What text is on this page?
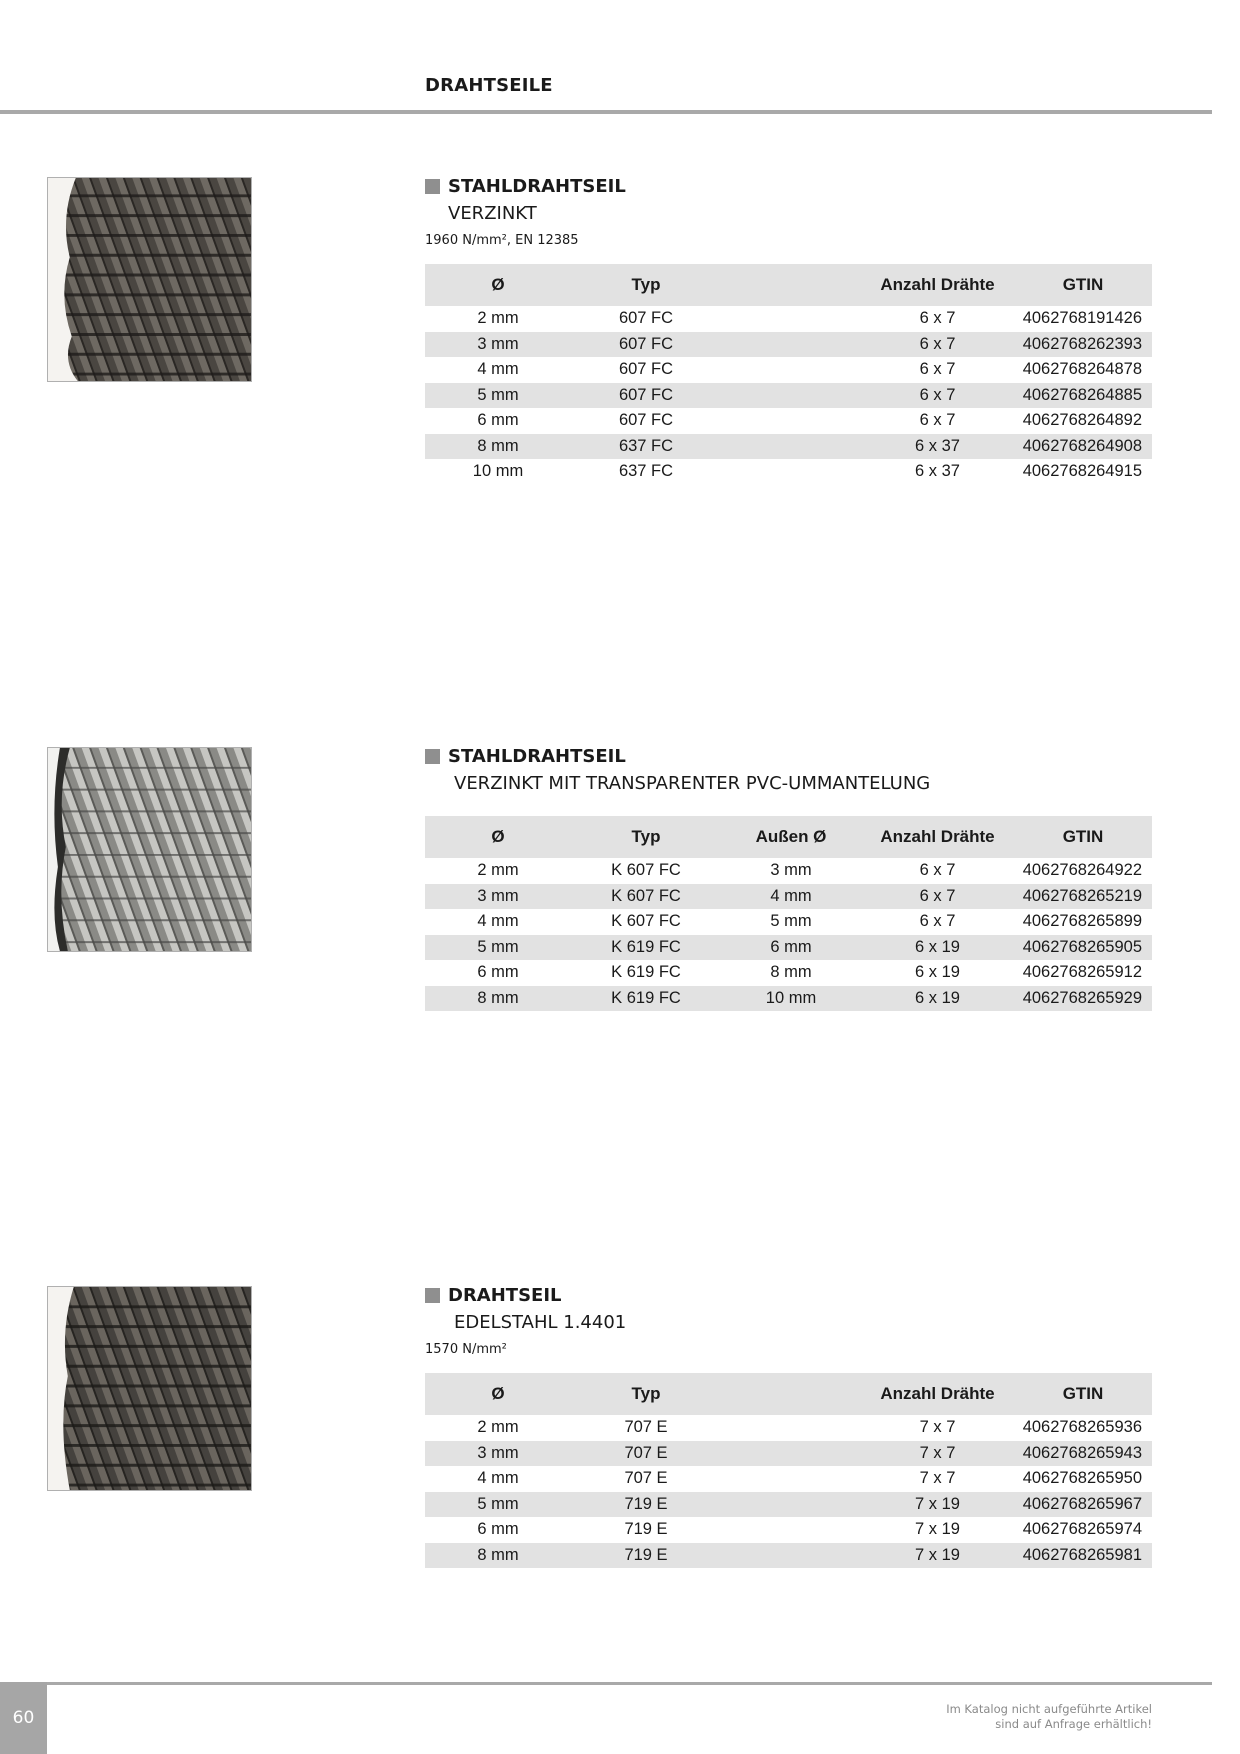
DRAHTSEILE
STAHLDRAHTSEIL
VERZINKT
1960 N/mm², EN 12385
Ø	Typ		Anzahl Drähte	GTIN
2 mm	607 FC		6 x 7	4062768191426
3 mm	607 FC		6 x 7	4062768262393
4 mm	607 FC		6 x 7	4062768264878
5 mm	607 FC		6 x 7	4062768264885
6 mm	607 FC		6 x 7	4062768264892
8 mm	637 FC		6 x 37	4062768264908
10 mm	637 FC		6 x 37	4062768264915
STAHLDRAHTSEIL
VERZINKT MIT TRANSPARENTER PVC-UMMANTELUNG
Ø	Typ	Außen Ø	Anzahl Drähte	GTIN
2 mm	K 607 FC	3 mm	6 x 7	4062768264922
3 mm	K 607 FC	4 mm	6 x 7	4062768265219
4 mm	K 607 FC	5 mm	6 x 7	4062768265899
5 mm	K 619 FC	6 mm	6 x 19	4062768265905
6 mm	K 619 FC	8 mm	6 x 19	4062768265912
8 mm	K 619 FC	10 mm	6 x 19	4062768265929
DRAHTSEIL
EDELSTAHL 1.4401
1570 N/mm²
Ø	Typ		Anzahl Drähte	GTIN
2 mm	707 E		7 x 7	4062768265936
3 mm	707 E		7 x 7	4062768265943
4 mm	707 E		7 x 7	4062768265950
5 mm	719 E		7 x 19	4062768265967
6 mm	719 E		7 x 19	4062768265974
8 mm	719 E		7 x 19	4062768265981
60	Im Katalog nicht aufgeführte Artikel
sind auf Anfrage erhältlich!
